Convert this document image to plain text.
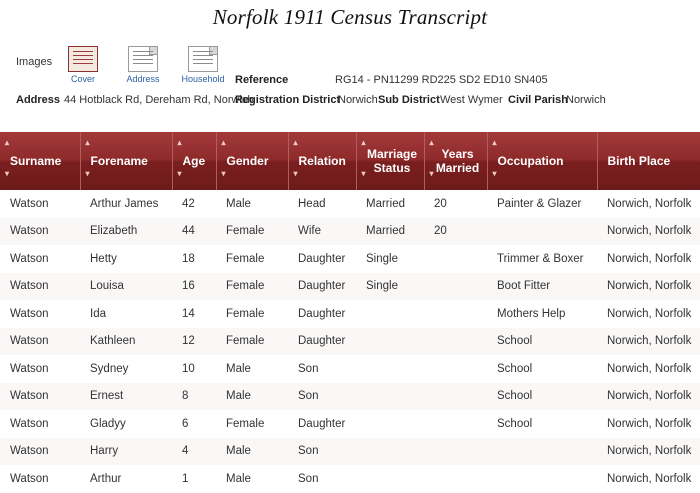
Norfolk 1911 Census Transcript
Images
Cover	Address	Household Reference	RG14 - PN11299 RD225 SD2 ED10 SN405
Address 44 Hotblack Rd, Dereham Rd, Norwich
Registration District
Norwich Sub District West Wymer Civil Parish
Norwich
▴
▾
Surname	▴
▾
Forename	▴
▾
Age	▴
▾
Gender	▴
▾
Relation	▴
▾
Marriage Status	▴
▾
Years Married	▴
▾
Occupation	Birth Place

Watson	Arthur James	42	Male	Head	Married	20	Painter & Glazer	Norwich, Norfolk
Watson	Elizabeth	44	Female	Wife	Married	20		Norwich, Norfolk
Watson	Hetty	18	Female	Daughter	Single		Trimmer & Boxer	Norwich, Norfolk
Watson	Louisa	16	Female	Daughter	Single		Boot Fitter	Norwich, Norfolk
Watson	Ida	14	Female	Daughter			Mothers Help	Norwich, Norfolk
Watson	Kathleen	12	Female	Daughter			School	Norwich, Norfolk
Watson	Sydney	10	Male	Son			School	Norwich, Norfolk
Watson	Ernest	8	Male	Son			School	Norwich, Norfolk
Watson	Gladyy	6	Female	Daughter			School	Norwich, Norfolk
Watson	Harry	4	Male	Son				Norwich, Norfolk
Watson	Arthur	1	Male	Son				Norwich, Norfolk
